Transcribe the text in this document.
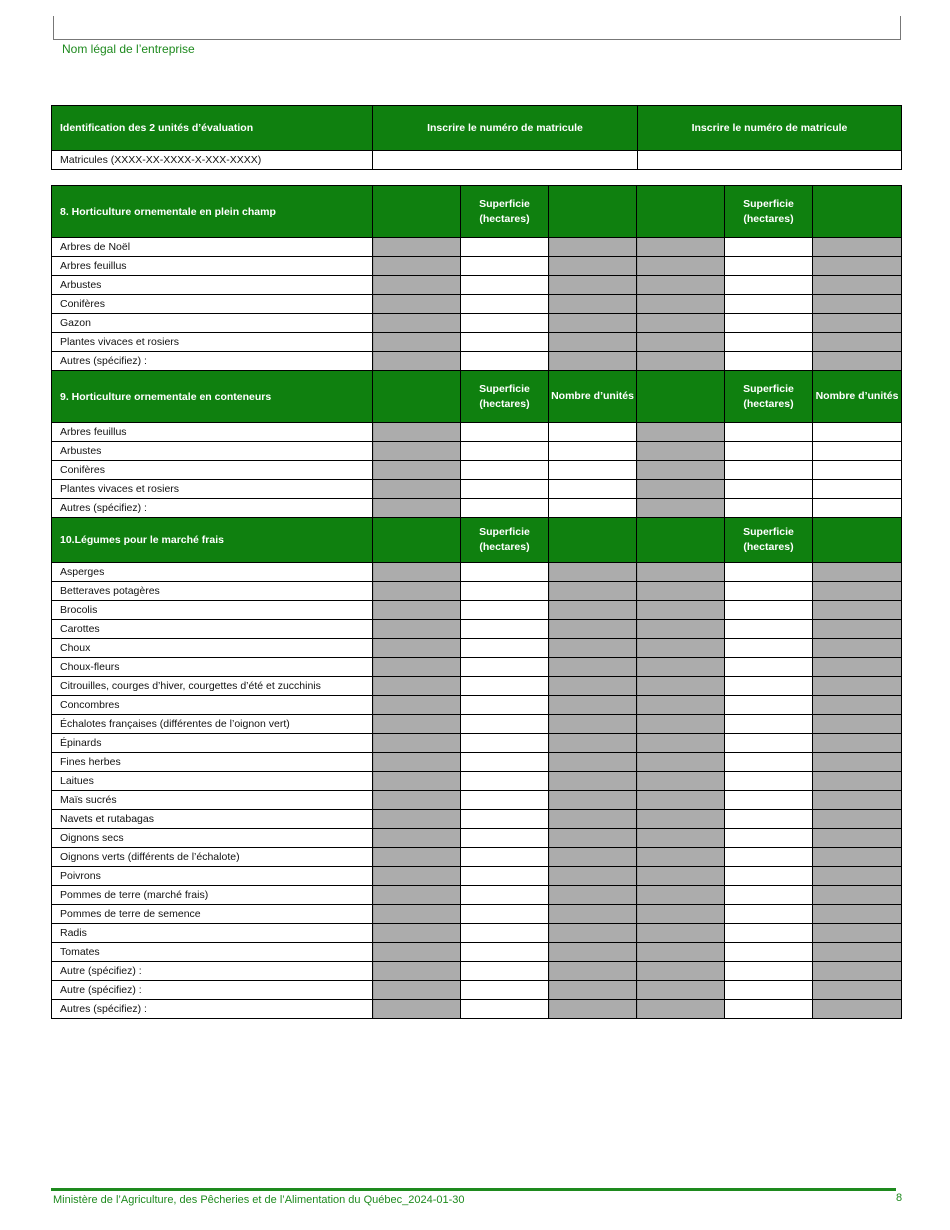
Nom légal de l’entreprise
Identification des 2 unités d’évaluation	Inscrire le numéro de matricule	Inscrire le numéro de matricule
Matricules (XXXX-XX-XXXX-X-XXX-XXXX)		
8. Horticulture ornementale en plein champ		Superficie (hectares)			Superficie (hectares)	
Arbres de Noël						
Arbres feuillus						
Arbustes						
Conifères						
Gazon						
Plantes vivaces et rosiers						
Autres (spécifiez) :						
9. Horticulture ornementale en conteneurs		Superficie (hectares)	Nombre d’unités		Superficie (hectares)	Nombre d’unités
Arbres feuillus						
Arbustes						
Conifères						
Plantes vivaces et rosiers						
Autres (spécifiez) :						
10.Légumes pour le marché frais		Superficie (hectares)			Superficie (hectares)	
Asperges						
Betteraves potagères						
Brocolis						
Carottes						
Choux						
Choux-fleurs						
Citrouilles, courges d’hiver, courgettes d’été et zucchinis						
Concombres						
Échalotes françaises (différentes de l’oignon vert)						
Épinards						
Fines herbes						
Laitues						
Maïs sucrés						
Navets et rutabagas						
Oignons secs						
Oignons verts (différents de l’échalote)						
Poivrons						
Pommes de terre (marché frais)						
Pommes de terre de semence						
Radis						
Tomates						
Autre (spécifiez) :						
Autre (spécifiez) :						
Autres (spécifiez) :						
Ministère de l’Agriculture, des Pêcheries et de l’Alimentation du Québec_2024-01-30	8
